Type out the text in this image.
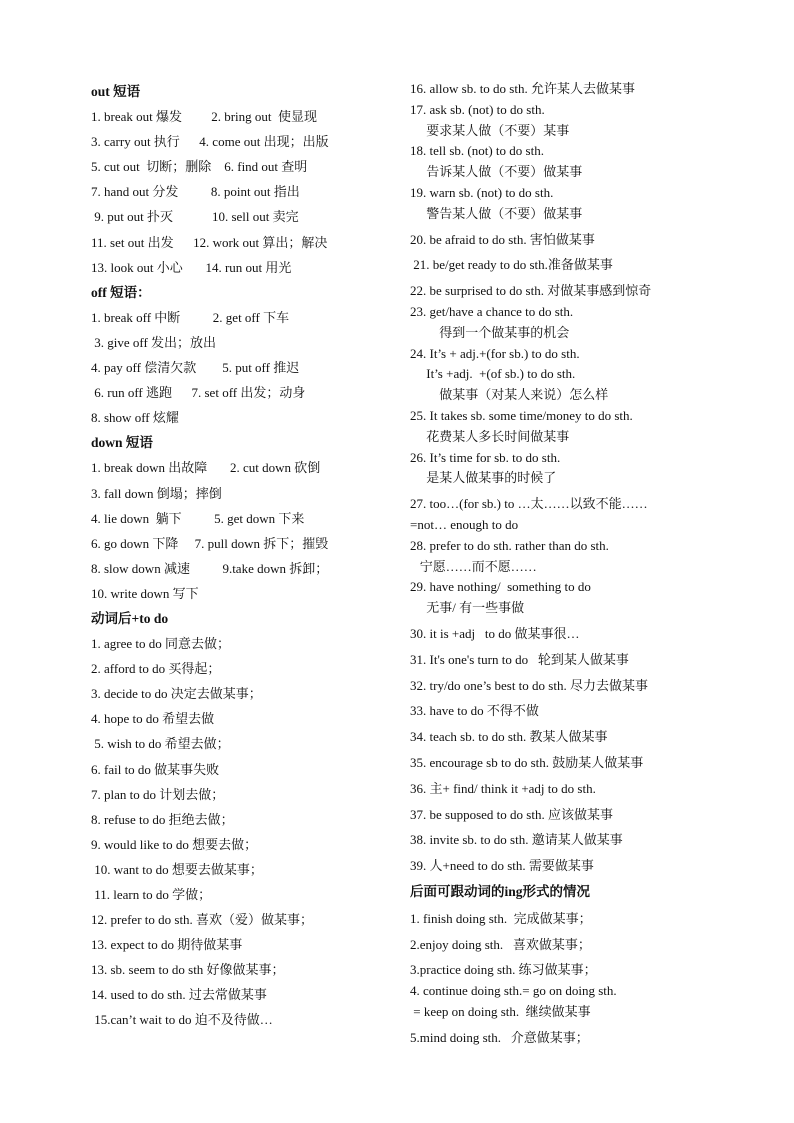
out 短语
1. break out 爆发         2. bring out  使显现
3. carry out 执行      4. come out 出现；出版
5. cut out  切断；删除    6. find out 查明
7. hand out 分发          8. point out 指出
9. put out 扑灭            10. sell out 卖完
11. set out 出发      12. work out 算出；解决
13. look out 小心       14. run out 用光
off 短语：
1. break off 中断          2. get off 下车
3. give off 发出；放出
4. pay off 偿清欠款        5. put off 推迟
6. run off 逃跑      7. set off 出发；动身
8. show off 炫耀
down 短语
1. break down 出故障       2. cut down 砍倒
3. fall down 倒塌；摔倒
4. lie down  躺下          5. get down 下来
6. go down 下降     7. pull down 拆下；摧毁
8. slow down 减速          9.take down 拆卸；
10. write down 写下
动词后+to do
1. agree to do 同意去做；
2. afford to do 买得起；
3. decide to do 决定去做某事；
4. hope to do 希望去做
5. wish to do 希望去做；
6. fail to do 做某事失败
7. plan to do 计划去做；
8. refuse to do 拒绝去做；
9. would like to do 想要去做；
10. want to do 想要去做某事；
11. learn to do 学做；
12. prefer to do sth. 喜欢（爱）做某事；
13. expect to do 期待做某事
13. sb. seem to do sth 好像做某事；
14. used to do sth. 过去常做某事
15.can’t wait to do 迫不及待做…
16. allow sb. to do sth. 允许某人去做某事
17. ask sb. (not) to do sth.
要求某人做（不要）某事
18. tell sb. (not) to do sth.
告诉某人做（不要）做某事
19. warn sb. (not) to do sth.
警告某人做（不要）做某事
20. be afraid to do sth. 害怕做某事
21. be/get ready to do sth.准备做某事
22. be surprised to do sth. 对做某事感到惊奇
23. get/have a chance to do sth.
得到一个做某事的机会
24. It’s + adj.+(for sb.) to do sth.
It’s +adj.  +(of sb.) to do sth.
做某事（对某人来说）怎么样
25. It takes sb. some time/money to do sth.
花费某人多长时间做某事
26. It’s time for sb. to do sth.
是某人做某事的时候了
27. too…(for sb.) to …太……以致不能……
=not… enough to do
28. prefer to do sth. rather than do sth.
宁愿……而不愿……
29. have nothing/  something to do
无事/ 有一些事做
30. it is +adj   to do 做某事很…
31. It's one's turn to do   轮到某人做某事
32. try/do one’s best to do sth. 尽力去做某事
33. have to do 不得不做
34. teach sb. to do sth. 教某人做某事
35. encourage sb to do sth. 鼓励某人做某事
36. 主+ find/ think it +adj to do sth.
37. be supposed to do sth. 应该做某事
38. invite sb. to do sth. 邀请某人做某事
39. 人+need to do sth. 需要做某事
后面可跟动词的ing形式的情况
1. finish doing sth.  完成做某事；
2.enjoy doing sth.   喜欢做某事；
3.practice doing sth. 练习做某事；
4. continue doing sth.= go on doing sth.
= keep on doing sth.  继续做某事
5.mind doing sth.   介意做某事；
